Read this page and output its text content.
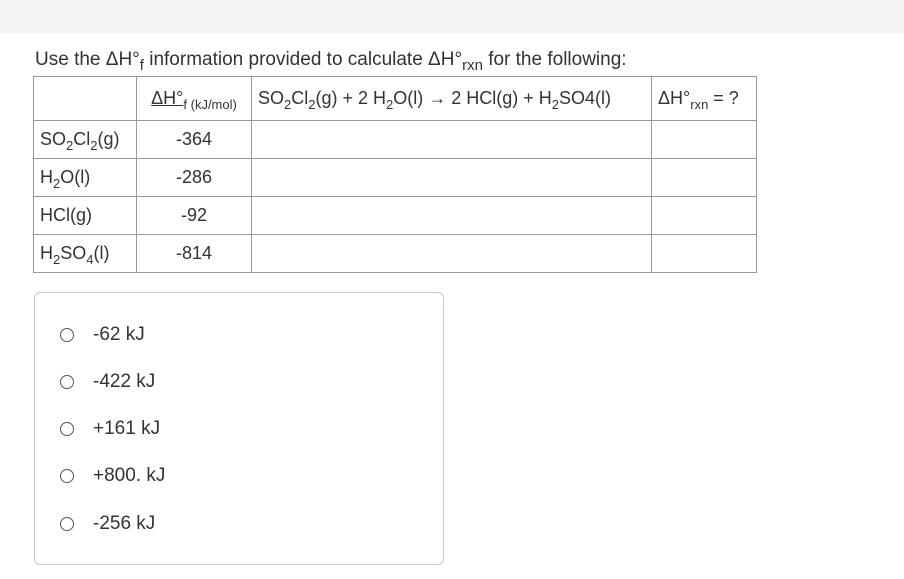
Use the $\Delta H^\circ_f$ information provided to calculate $\Delta H^\circ_{rxn}$ for the following:
	$\Delta H^\circ_{f (kJ/mol)}$	$SO_2Cl_2(g) + 2$ $H_2O(l) \to 2$ $HCl(g) + H_2SO4(l)$	$\Delta H^\circ_{rxn}$ = ?
$SO_2Cl_2(g)$	-364		
$H_2O(l)$	-286		
HCl(g)	-92		
$H_2SO_4(l)$	-814		
-62 kJ
-422 kJ
+161 kJ
+800. kJ
-256 kJ
